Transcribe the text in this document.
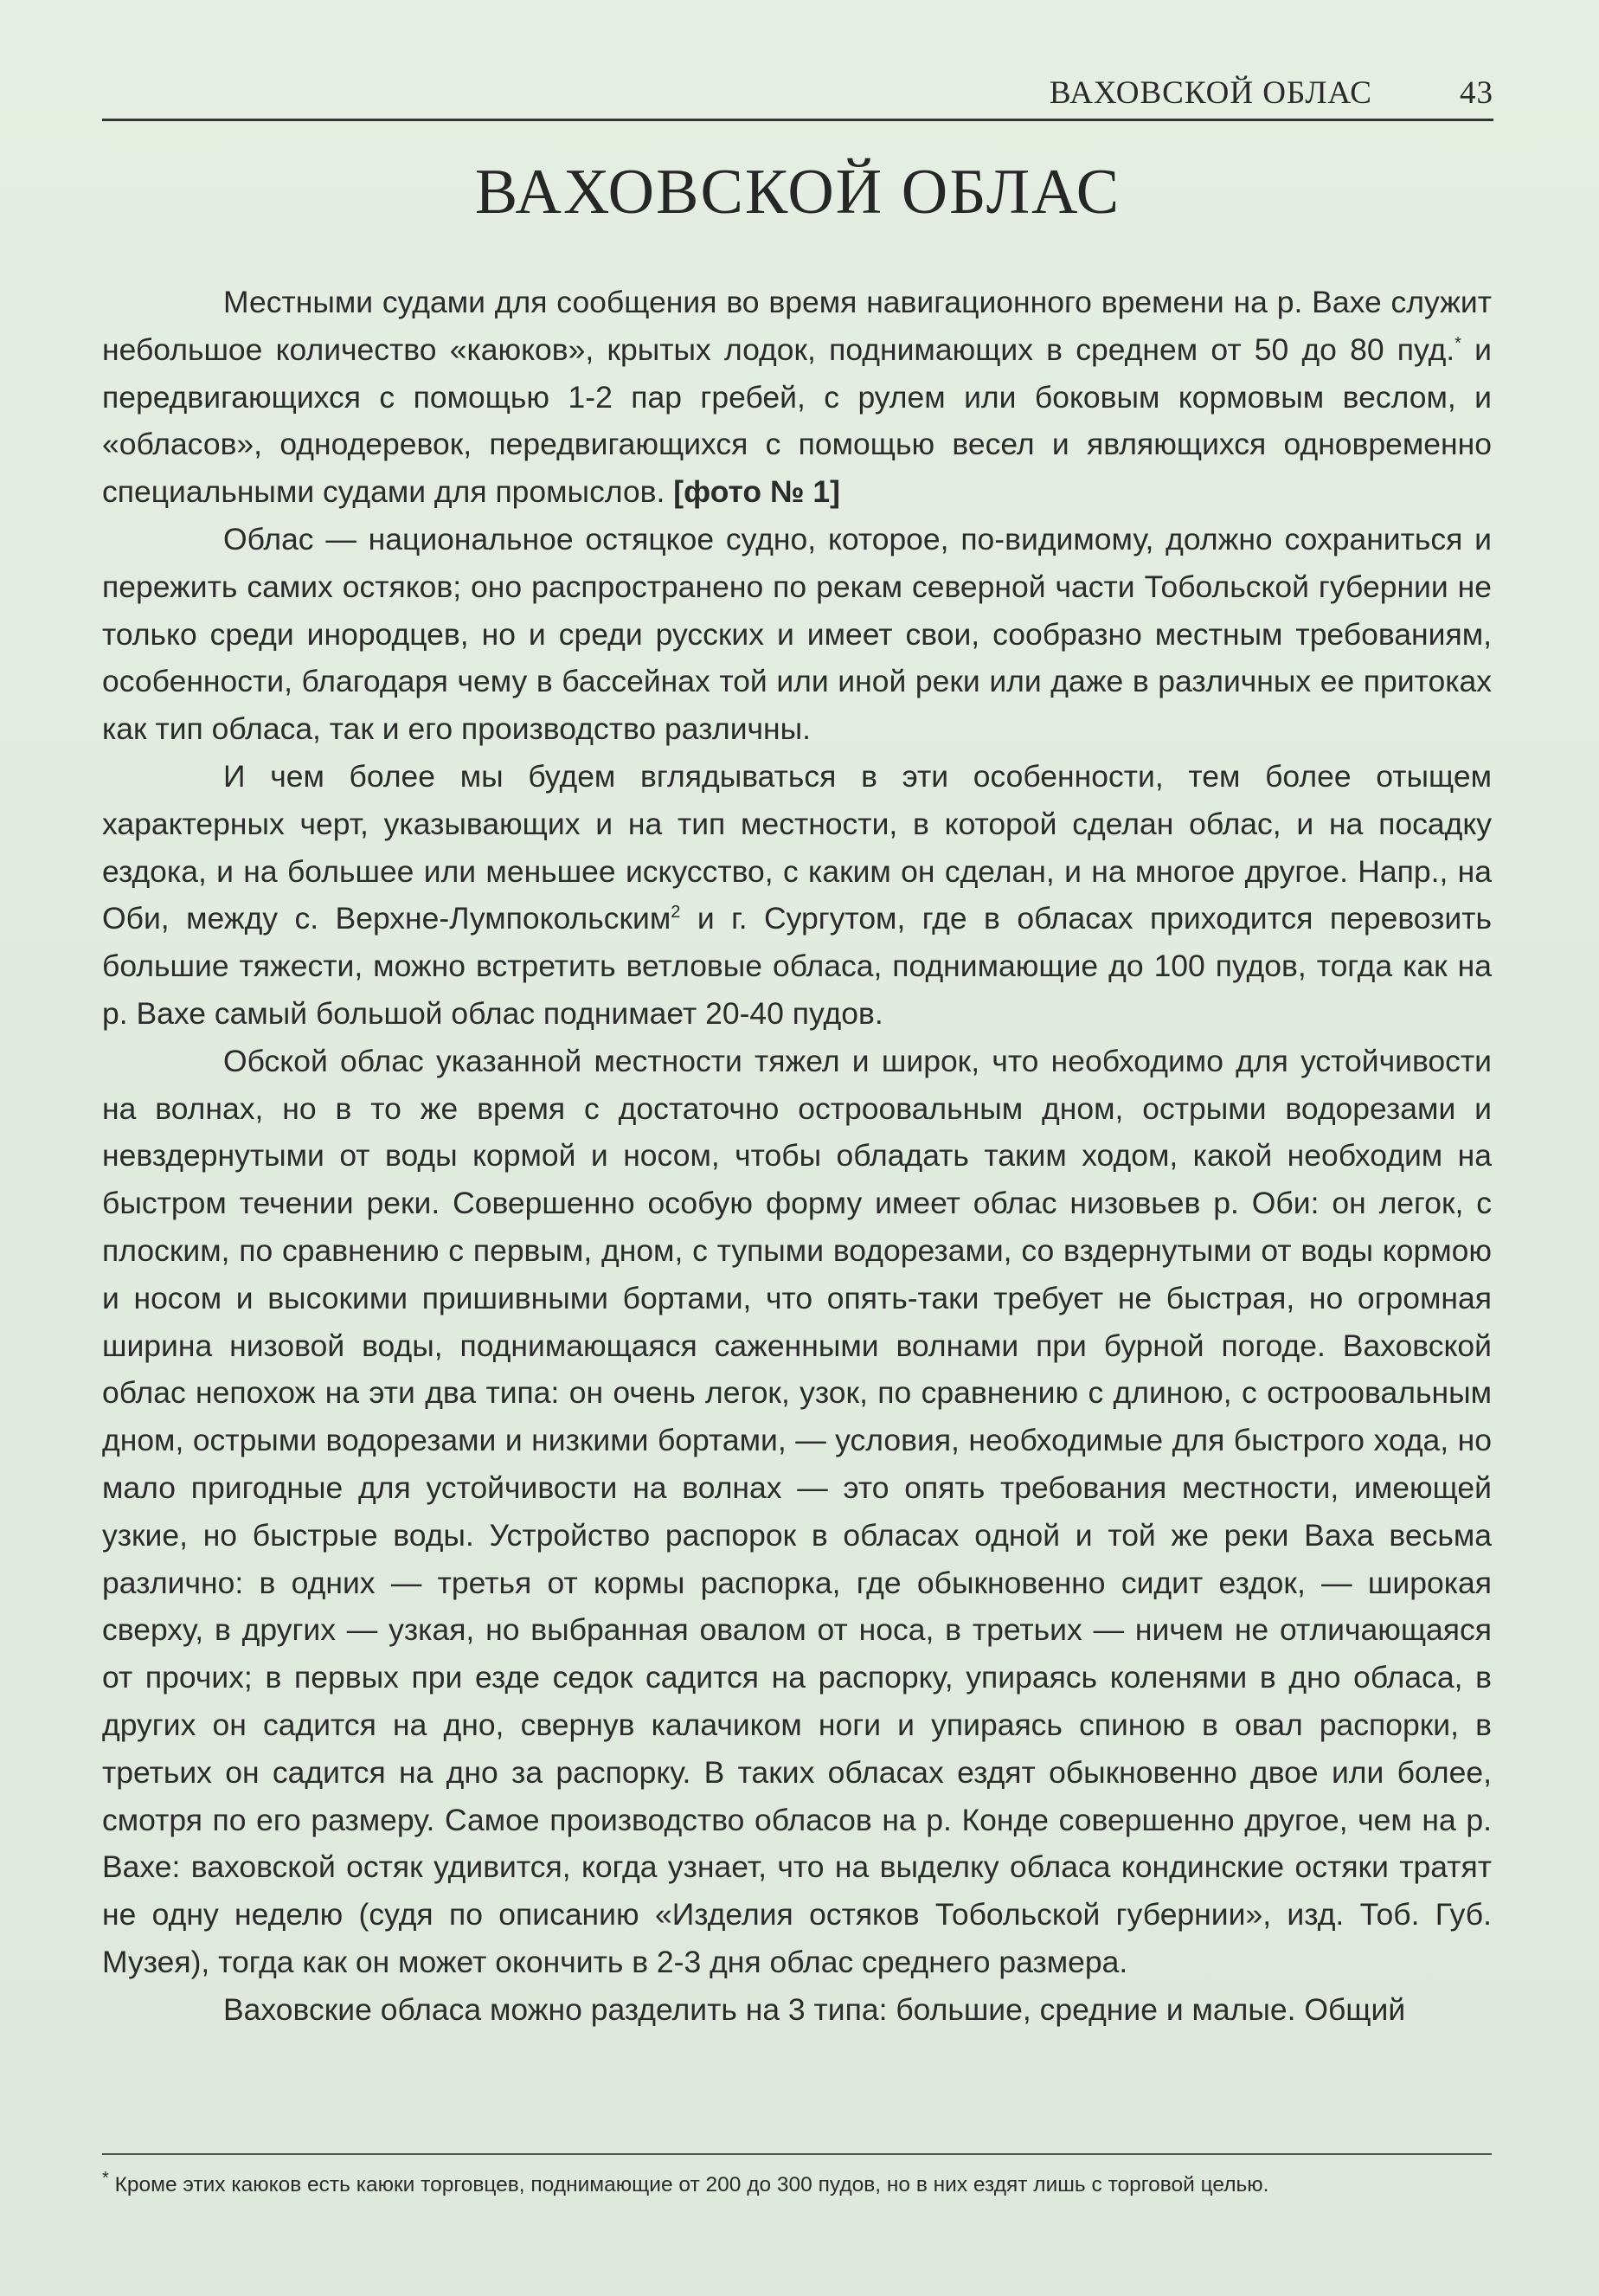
ВАХОВСКОЙ ОБЛАС	43
ВАХОВСКОЙ ОБЛАС

Местными судами для сообщения во время навигационного времени на р. Вахе служит небольшое количество «каюков», крытых лодок, поднимающих в среднем от 50 до 80 пуд.* и передвигающихся с помощью 1-2 пар гребей, с рулем или боковым кормовым веслом, и «обласов», однодеревок, передвигающихся с помощью весел и являющихся одновременно специальными судами для промыслов. [фото № 1]

Облас — национальное остяцкое судно, которое, по-видимому, должно сохраниться и пережить самих остяков; оно распространено по рекам северной части Тобольской губернии не только среди инородцев, но и среди русских и имеет свои, сообразно местным требованиям, особенности, благодаря чему в бассейнах той или иной реки или даже в различных ее притоках как тип обласа, так и его производство различны.

И чем более мы будем вглядываться в эти особенности, тем более отыщем характерных черт, указывающих и на тип местности, в которой сделан облас, и на посадку ездока, и на большее или меньшее искусство, с каким он сделан, и на многое другое. Напр., на Оби, между с. Верхне-Лумпокольским$^2$ и г. Сургутом, где в обласах приходится перевозить большие тяжести, можно встретить ветловые обласа, поднимающие до 100 пудов, тогда как на р. Вахе самый большой облас поднимает 20-40 пудов.

Обской облас указанной местности тяжел и широк, что необходимо для устойчивости на волнах, но в то же время с достаточно остроовальным дном, острыми водорезами и невздернутыми от воды кормой и носом, чтобы обладать таким ходом, какой необходим на быстром течении реки. Совершенно особую форму имеет облас низовьев р. Оби: он легок, с плоским, по сравнению с первым, дном, с тупыми водорезами, со вздернутыми от воды кормою и носом и высокими пришивными бортами, что опять-таки требует не быстрая, но огромная ширина низовой воды, поднимающаяся саженными волнами при бурной погоде. Ваховской облас непохож на эти два типа: он очень легок, узок, по сравнению с длиною, с остроовальным дном, острыми водорезами и низкими бортами, — условия, необходимые для быстрого хода, но мало пригодные для устойчивости на волнах — это опять требования местности, имеющей узкие, но быстрые воды. Устройство распорок в обласах одной и той же реки Ваха весьма различно: в одних — третья от кормы распорка, где обыкновенно сидит ездок, — широкая сверху, в других — узкая, но выбранная овалом от носа, в третьих — ничем не отличающаяся от прочих; в первых при езде седок садится на распорку, упираясь коленями в дно обласа, в других он садится на дно, свернув калачиком ноги и упираясь спиною в овал распорки, в третьих он садится на дно за распорку. В таких обласах ездят обыкновенно двое или более, смотря по его размеру. Самое производство обласов на р. Конде совершенно другое, чем на р. Вахе: ваховской остяк удивится, когда узнает, что на выделку обласа кондинские остяки тратят не одну неделю (судя по описанию «Изделия остяков Тобольской губернии», изд. Тоб. Губ. Музея), тогда как он может окончить в 2-3 дня облас среднего размера.

Ваховские обласа можно разделить на 3 типа: большие, средние и малые. Общий

* Кроме этих каюков есть каюки торговцев, поднимающие от 200 до 300 пудов, но в них ездят лишь с торговой целью.
